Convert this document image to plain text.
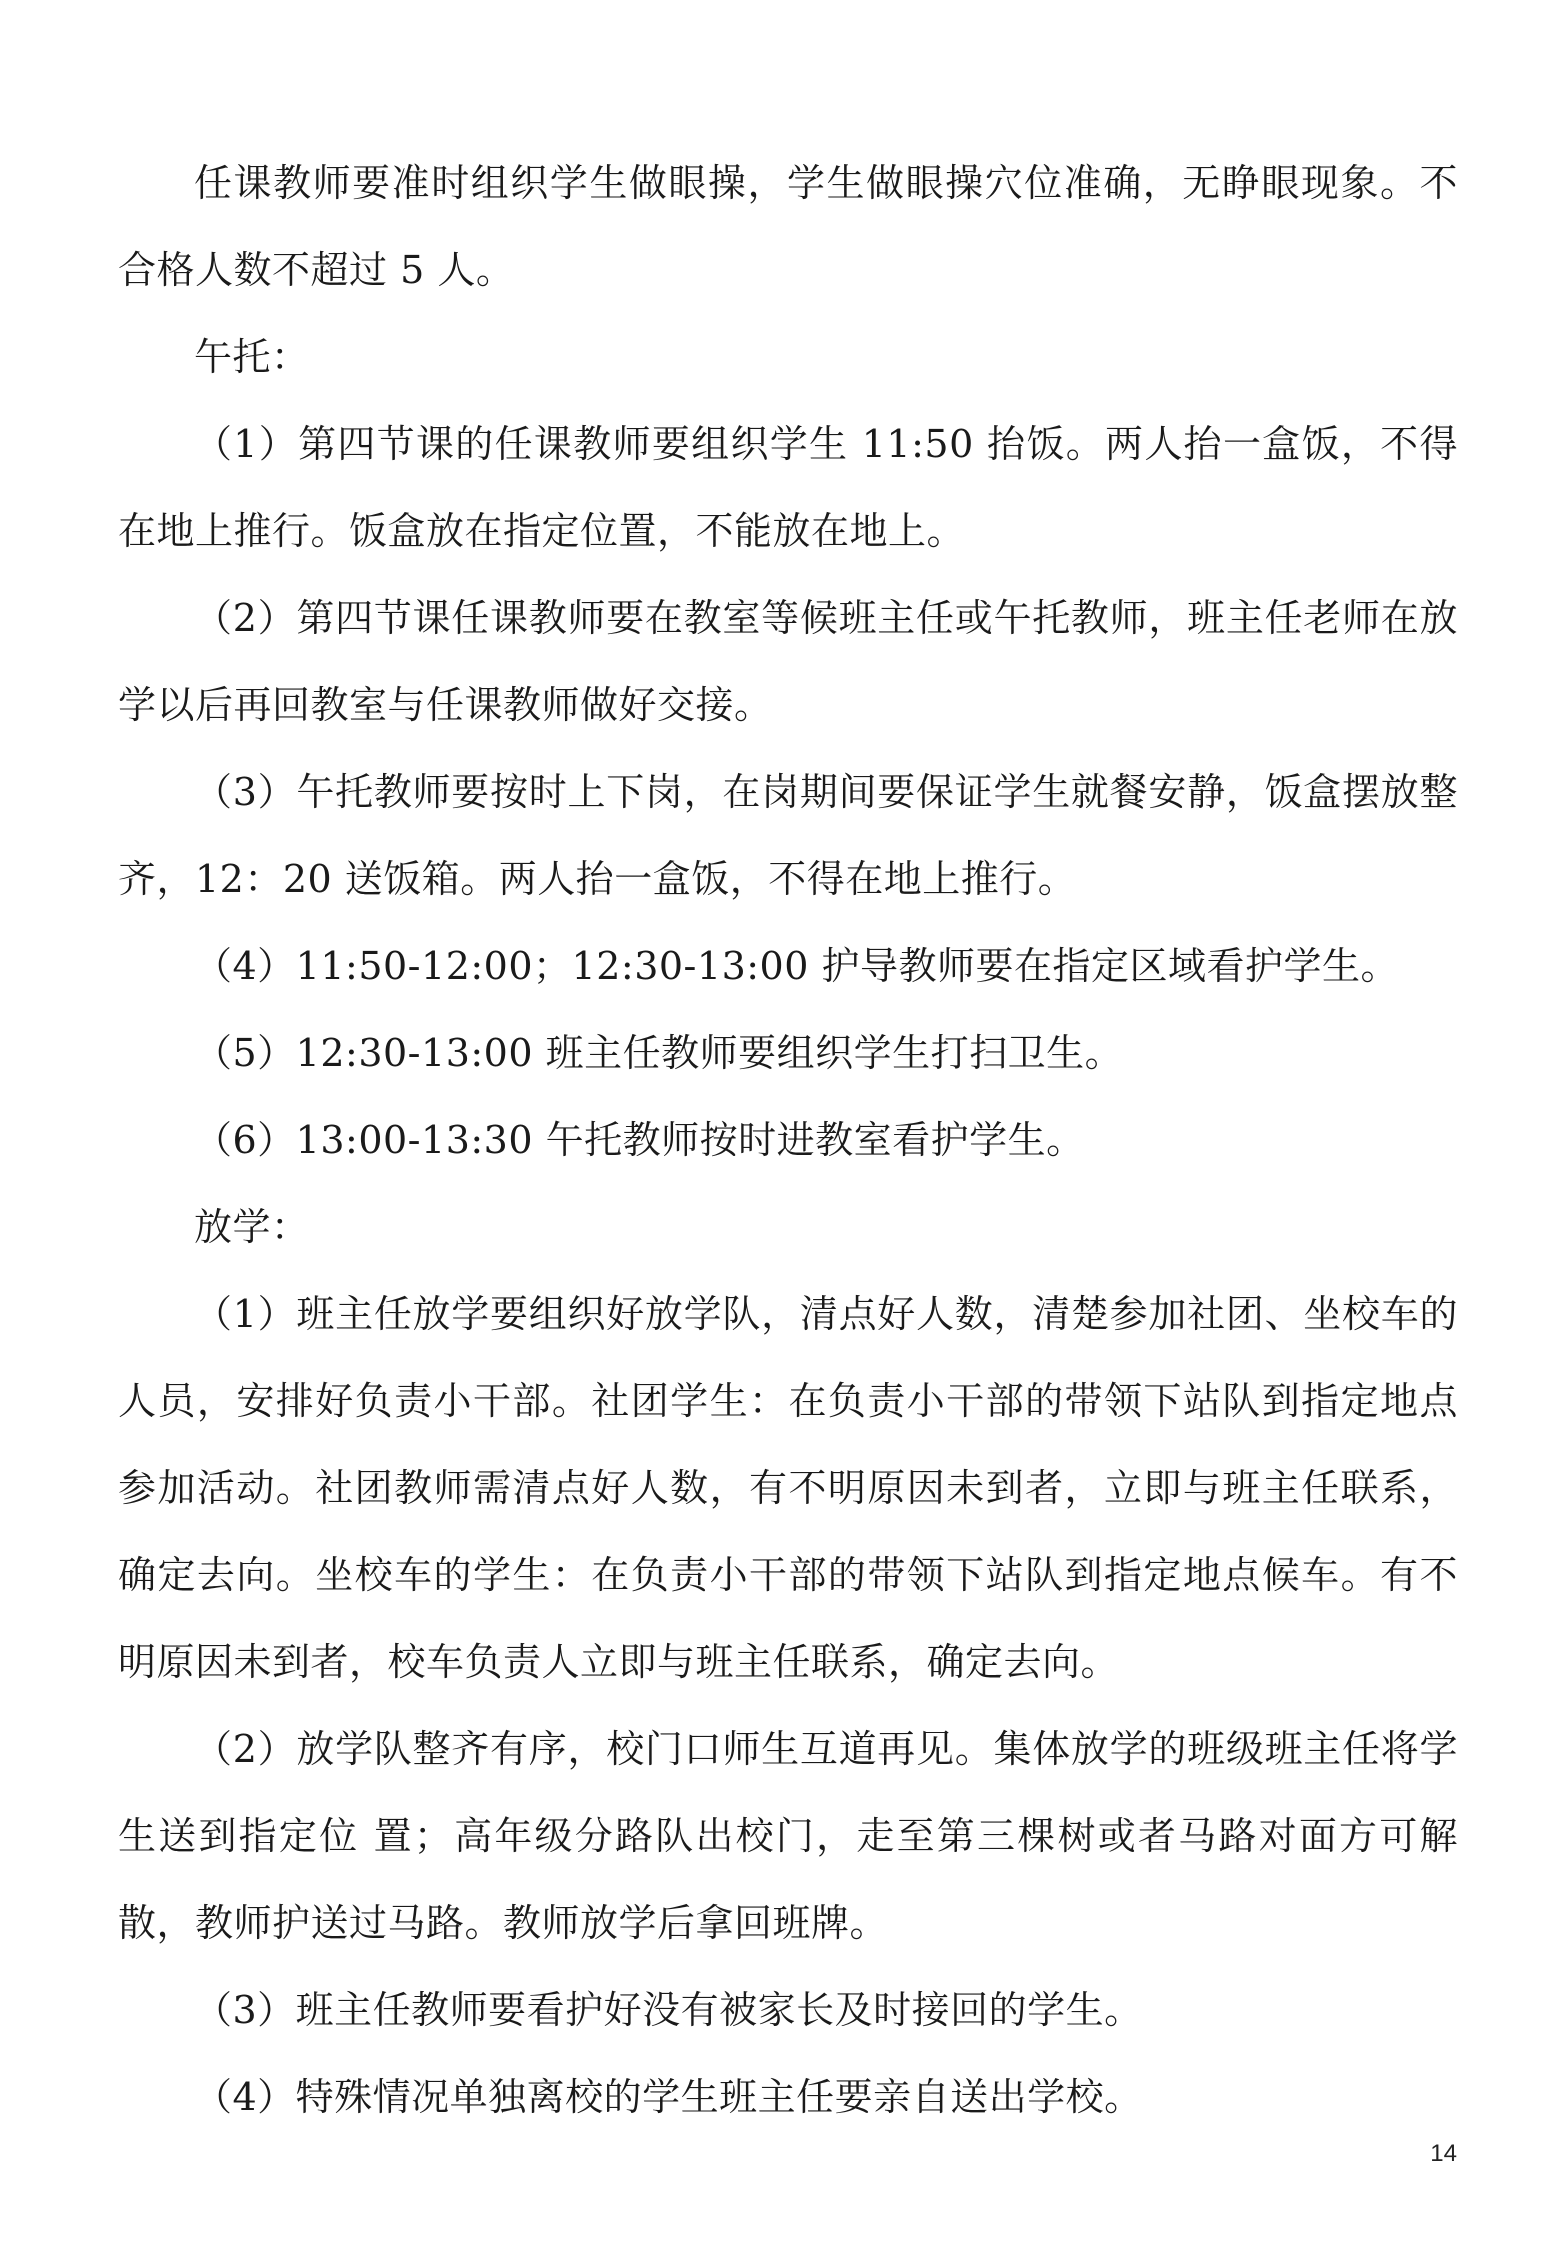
任课教师要准时组织学生做眼操，学生做眼操穴位准确，无睁眼现象。不合格人数不超过 5 人。

午托：

（1）第四节课的任课教师要组织学生 11:50 抬饭。两人抬一盒饭，不得在地上推行。饭盒放在指定位置，不能放在地上。

（2）第四节课任课教师要在教室等候班主任或午托教师，班主任老师在放学以后再回教室与任课教师做好交接。

（3）午托教师要按时上下岗，在岗期间要保证学生就餐安静，饭盒摆放整齐，12：20 送饭箱。两人抬一盒饭，不得在地上推行。

（4）11:50-12:00；12:30-13:00 护导教师要在指定区域看护学生。

（5）12:30-13:00 班主任教师要组织学生打扫卫生。

（6）13:00-13:30 午托教师按时进教室看护学生。

放学：

（1）班主任放学要组织好放学队，清点好人数，清楚参加社团、坐校车的人员，安排好负责小干部。社团学生：在负责小干部的带领下站队到指定地点参加活动。社团教师需清点好人数，有不明原因未到者，立即与班主任联系，确定去向。坐校车的学生：在负责小干部的带领下站队到指定地点候车。有不明原因未到者，校车负责人立即与班主任联系，确定去向。

（2）放学队整齐有序，校门口师生互道再见。集体放学的班级班主任将学生送到指定位 置；高年级分路队出校门，走至第三棵树或者马路对面方可解散，教师护送过马路。教师放学后拿回班牌。

（3）班主任教师要看护好没有被家长及时接回的学生。

（4）特殊情况单独离校的学生班主任要亲自送出学校。

14
